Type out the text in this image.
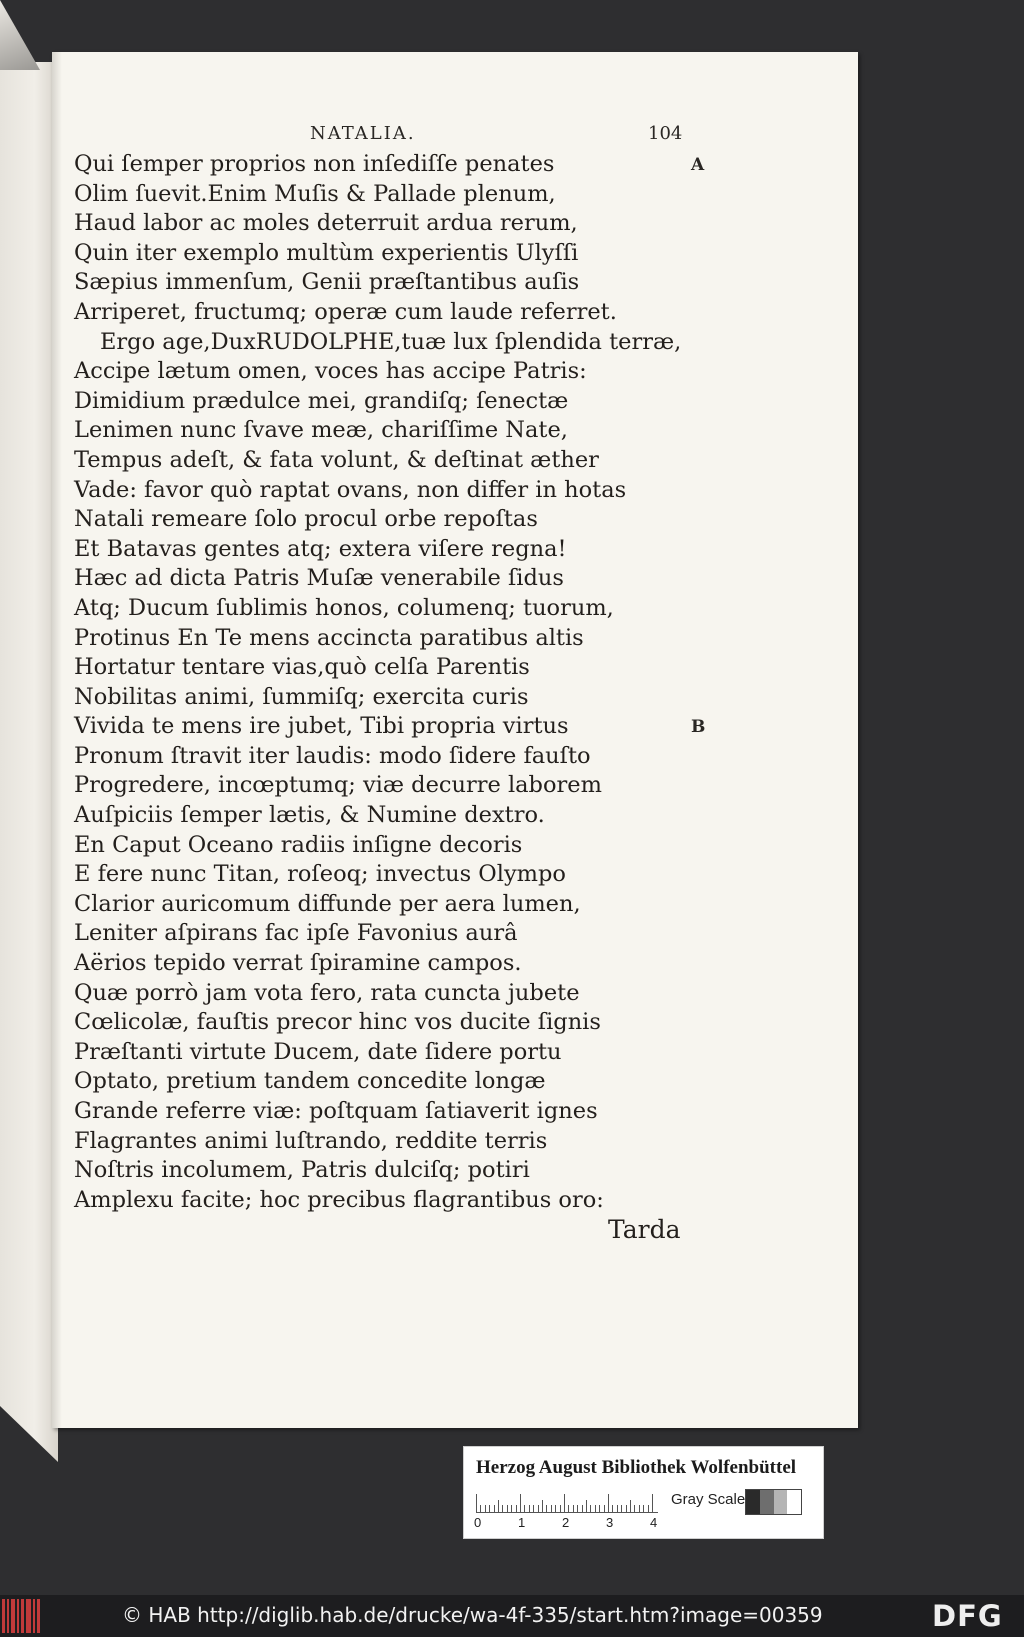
NATALIA.	104
A
B
Qui ſemper proprios non inſediſſe penates
Olim ſuevit.Enim Muſis & Pallade plenum,
Haud labor ac moles deterruit ardua rerum,
Quin iter exemplo multùm experientis Ulyſſi
Sæpius immenſum, Genii præſtantibus auſis
Arriperet, fructumq; operæ cum laude referret.
Ergo age,DuxRUDOLPHE,tuæ lux ſplendida terræ,
Accipe lætum omen, voces has accipe Patris:
Dimidium prædulce mei, grandiſq; ſenectæ
Lenimen nunc ſvave meæ, chariſſime Nate,
Tempus adeſt, & fata volunt, & deſtinat æther
Vade: favor quò raptat ovans, non differ in hotas
Natali remeare ſolo procul orbe repoſtas
Et Batavas gentes atq; extera viſere regna!
Hæc ad dicta Patris Muſæ venerabile ſidus
Atq; Ducum ſublimis honos, columenq; tuorum,
Protinus En Te mens accincta paratibus altis
Hortatur tentare vias,quò celſa Parentis
Nobilitas animi, ſummiſq; exercita curis
Vivida te mens ire jubet, Tibi propria virtus
Pronum ſtravit iter laudis: modo ſidere fauſto
Progredere, incœptumq; viæ decurre laborem
Auſpiciis ſemper lætis, & Numine dextro.
En Caput Oceano radiis inſigne decoris
E fere nunc Titan, roſeoq; invectus Olympo
Clarior auricomum diffunde per aera lumen,
Leniter aſpirans fac ipſe Favonius aurâ
Aërios tepido verrat ſpiramine campos.
Quæ porrò jam vota fero, rata cuncta jubete
Cœlicolæ, fauſtis precor hinc vos ducite ſignis
Præſtanti virtute Ducem, date ſidere portu
Optato, pretium tandem concedite longæ
Grande referre viæ: poſtquam ſatiaverit ignes
Flagrantes animi luſtrando, reddite terris
Noſtris incolumem, Patris dulciſq; potiri
Amplexu facite; hoc precibus flagrantibus oro:
Tarda
Herzog August Bibliothek Wolfenbüttel
0	1	2	3	4
Gray Scale
© HAB http://diglib.hab.de/drucke/wa-4f-335/start.htm?image=00359	DFG
